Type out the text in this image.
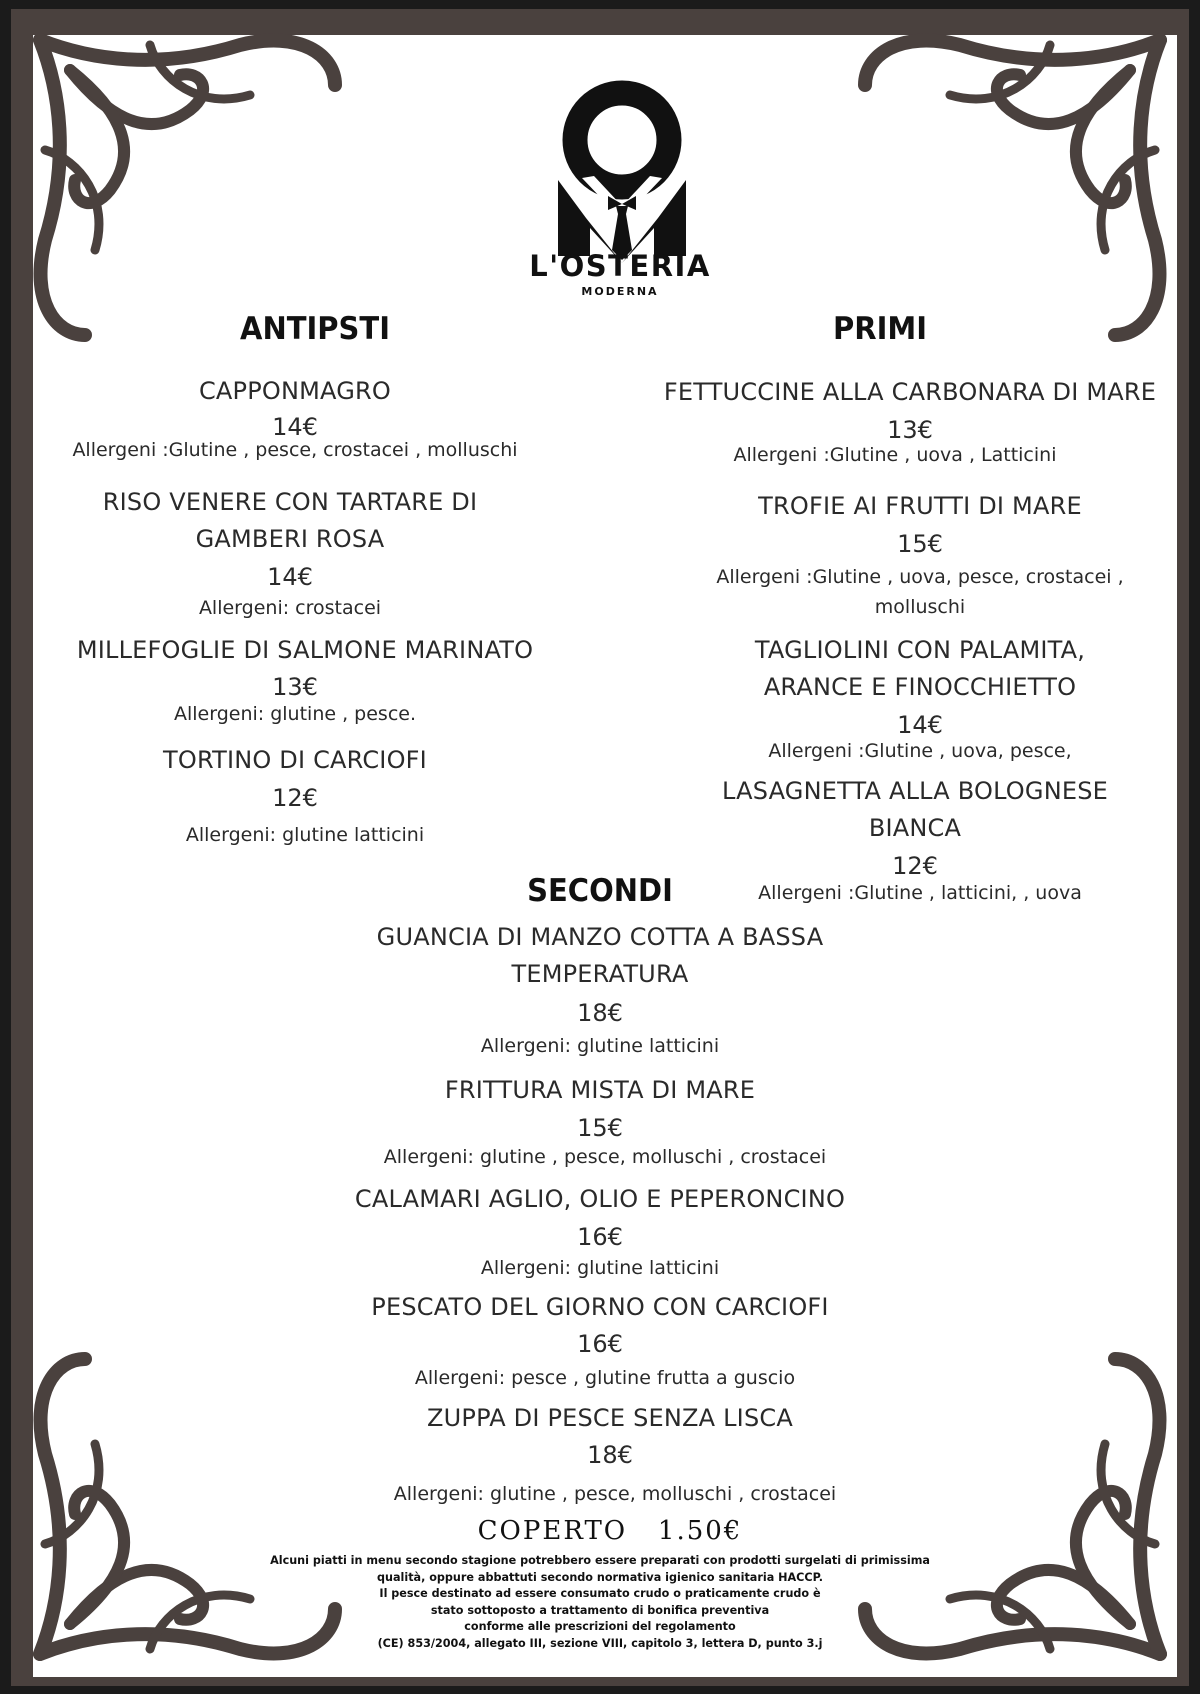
L'OSTERIA
MODERNA
ANTIPSTI
CAPPONMAGRO
14€
Allergeni :Glutine , pesce, crostacei , molluschi
RISO VENERE CON TARTARE DI
GAMBERI ROSA
14€
Allergeni: crostacei
MILLEFOGLIE DI SALMONE MARINATO
13€
Allergeni: glutine , pesce.
TORTINO DI CARCIOFI
12€
Allergeni: glutine latticini
PRIMI
FETTUCCINE ALLA CARBONARA DI MARE
13€
Allergeni :Glutine , uova , Latticini
TROFIE AI FRUTTI DI MARE
15€
Allergeni :Glutine , uova, pesce, crostacei ,
molluschi
TAGLIOLINI CON PALAMITA,
ARANCE E FINOCCHIETTO
14€
Allergeni :Glutine , uova, pesce,
LASAGNETTA ALLA BOLOGNESE
BIANCA
12€
Allergeni :Glutine , latticini, , uova
SECONDI
GUANCIA DI MANZO COTTA A BASSA
TEMPERATURA
18€
Allergeni: glutine latticini
FRITTURA MISTA DI MARE
15€
Allergeni: glutine , pesce, molluschi , crostacei
CALAMARI AGLIO, OLIO E PEPERONCINO
16€
Allergeni: glutine latticini
PESCATO DEL GIORNO CON CARCIOFI
16€
Allergeni: pesce , glutine frutta a guscio
ZUPPA DI PESCE SENZA LISCA
18€
Allergeni: glutine , pesce, molluschi , crostacei
COPERTO 1.50€
Alcuni piatti in menu secondo stagione potrebbero essere preparati con prodotti surgelati di primissima
qualità, oppure abbattuti secondo normativa igienico sanitaria HACCP.
Il pesce destinato ad essere consumato crudo o praticamente crudo è
stato sottoposto a trattamento di bonifica preventiva
conforme alle prescrizioni del regolamento
(CE) 853/2004, allegato III, sezione VIII, capitolo 3, lettera D, punto 3.j
